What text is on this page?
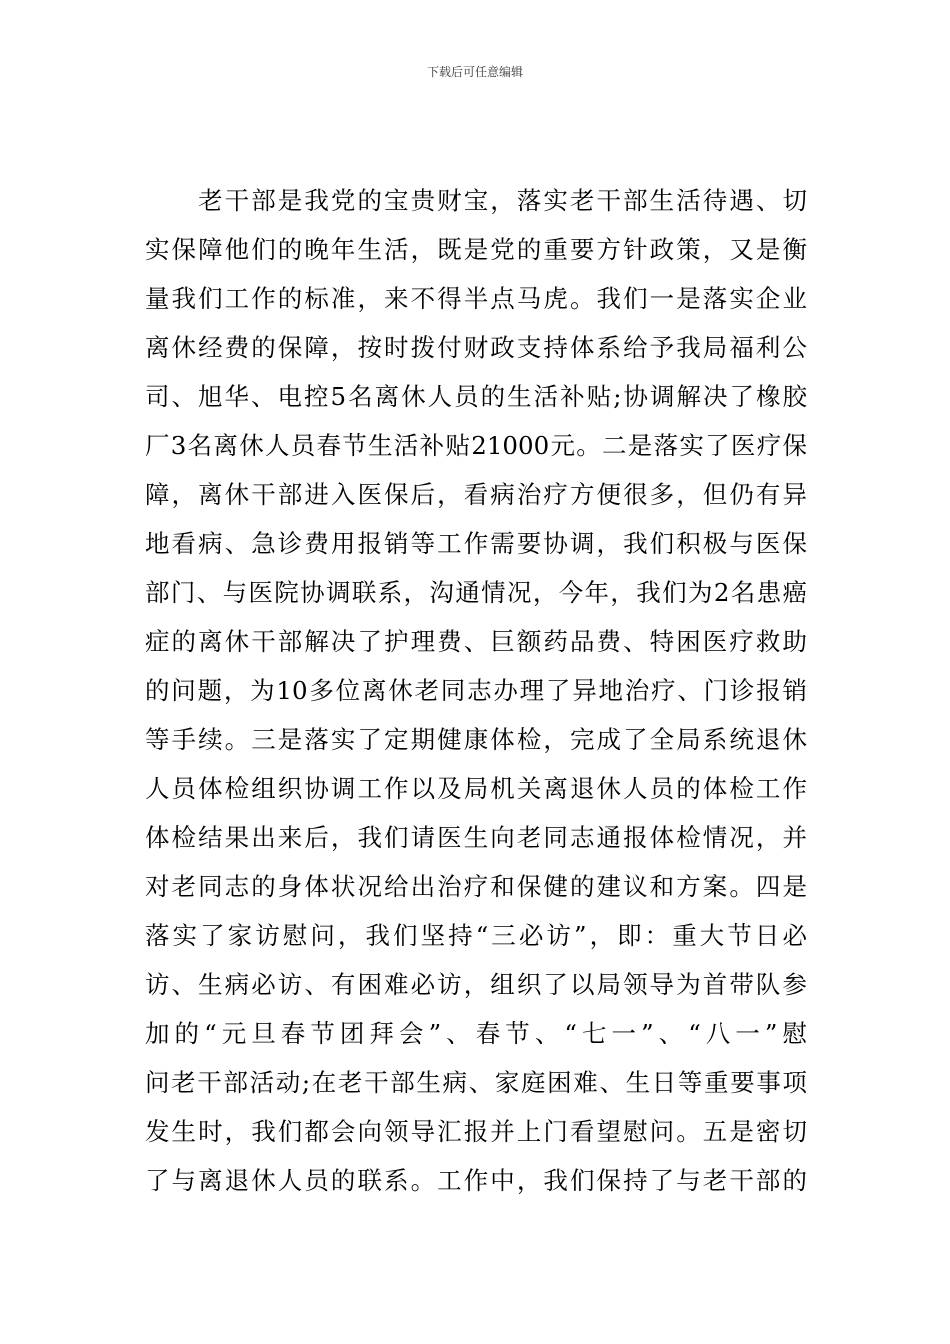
下载后可任意编辑
　　老干部是我党的宝贵财宝，落实老干部生活待遇、切
实保障他们的晚年生活，既是党的重要方针政策，又是衡
量我们工作的标准，来不得半点马虎。我们一是落实企业
离休经费的保障，按时拨付财政支持体系给予我局福利公
司、旭华、电控5名离休人员的生活补贴;协调解决了橡胶
厂3名离休人员春节生活补贴21000元。二是落实了医疗保
障，离休干部进入医保后，看病治疗方便很多，但仍有异
地看病、急诊费用报销等工作需要协调，我们积极与医保
部门、与医院协调联系，沟通情况，今年，我们为2名患癌
症的离休干部解决了护理费、巨额药品费、特困医疗救助
的问题，为10多位离休老同志办理了异地治疗、门诊报销
等手续。三是落实了定期健康体检，完成了全局系统退休
人员体检组织协调工作以及局机关离退休人员的体检工作
体检结果出来后，我们请医生向老同志通报体检情况，并
对老同志的身体状况给出治疗和保健的建议和方案。四是
落实了家访慰问，我们坚持“三必访”，即：重大节日必
访、生病必访、有困难必访，组织了以局领导为首带队参
加的“元旦春节团拜会”、春节、“七一”、“八一”慰
问老干部活动;在老干部生病、家庭困难、生日等重要事项
发生时，我们都会向领导汇报并上门看望慰问。五是密切
了与离退休人员的联系。工作中，我们保持了与老干部的
